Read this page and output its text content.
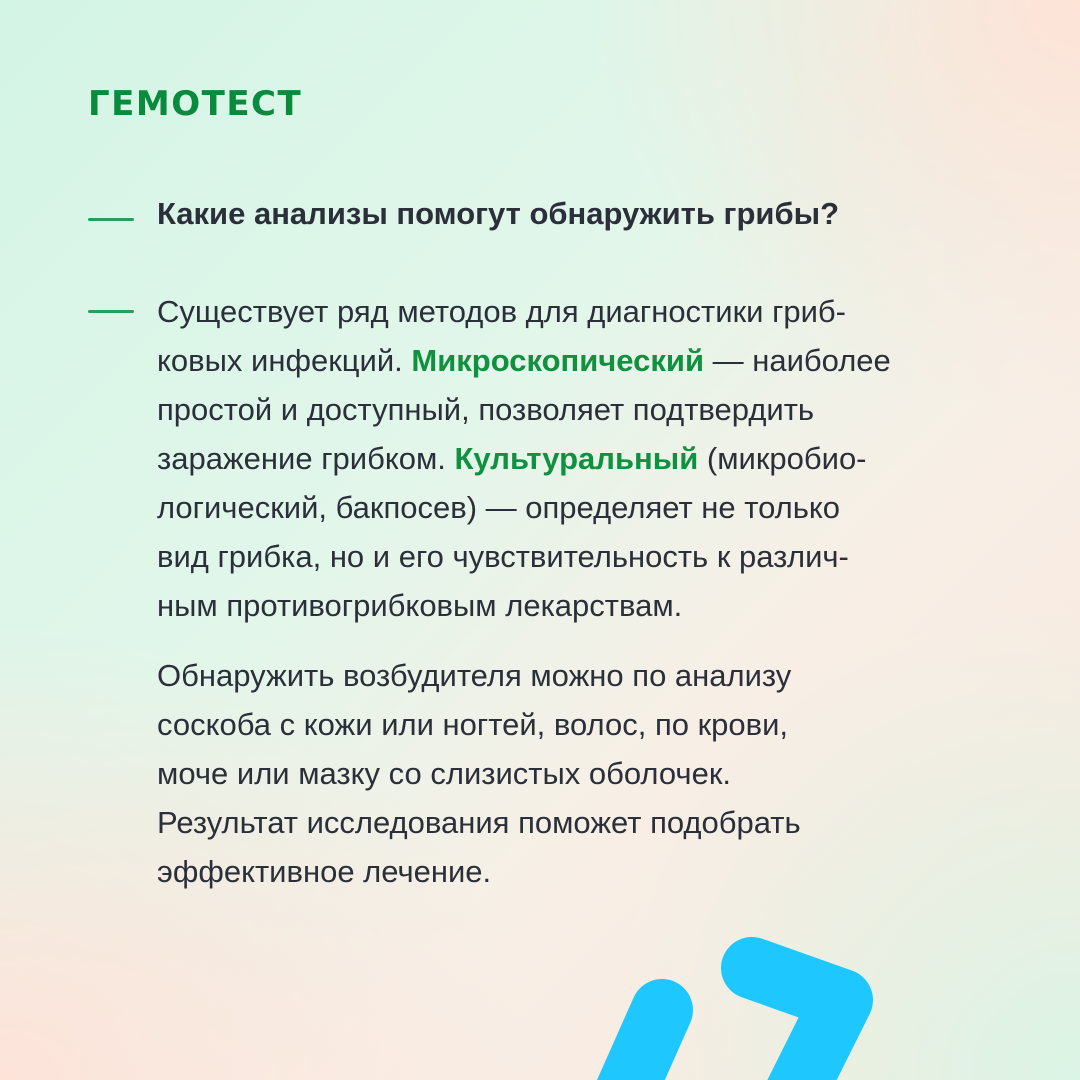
ГЕМОТЕСТ

Какие анализы помогут обнаружить грибы?

Существует ряд методов для диагностики гриб-
ковых инфекций. Микроскопический — наиболее
простой и доступный, позволяет подтвердить
заражение грибком. Культуральный (микробио-
логический, бакпосев) — определяет не только
вид грибка, но и его чувствительность к различ-
ным противогрибковым лекарствам.

Обнаружить возбудителя можно по анализу
соскоба с кожи или ногтей, волос, по крови,
моче или мазку со слизистых оболочек.
Результат исследования поможет подобрать
эффективное лечение.
